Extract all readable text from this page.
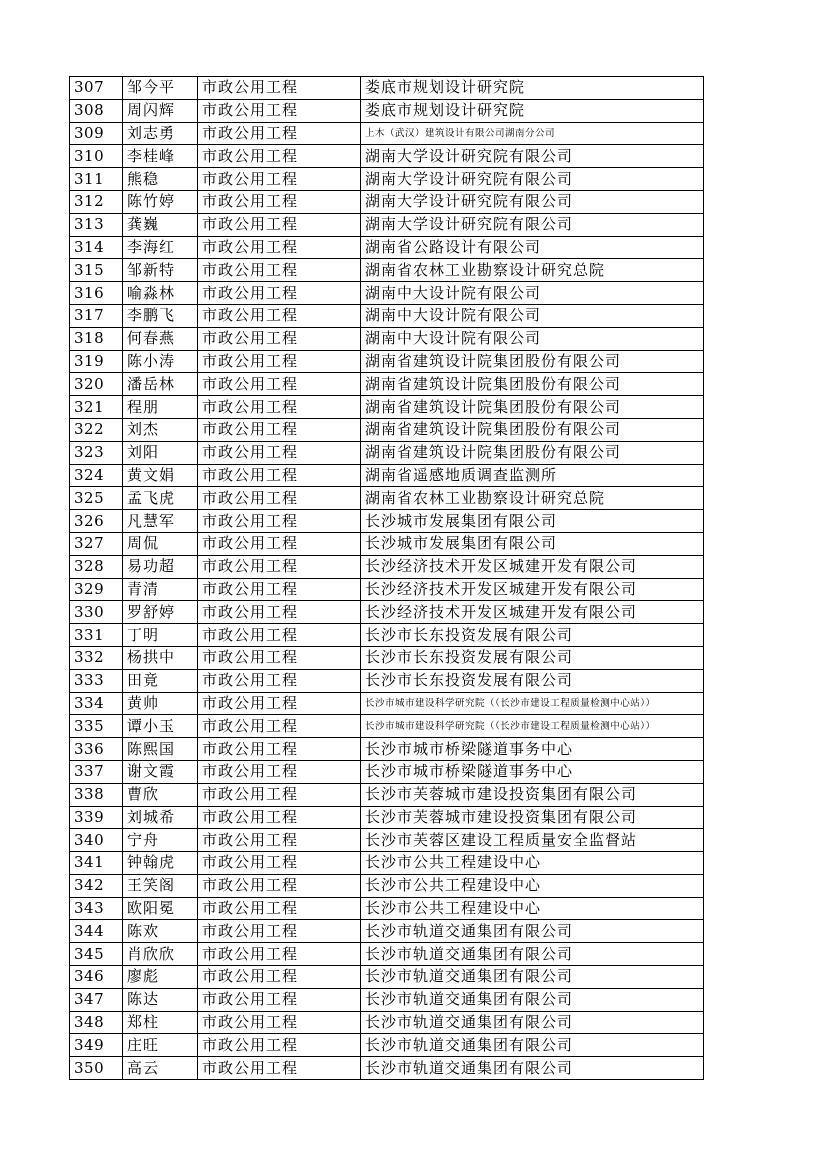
307	邹今平	市政公用工程	娄底市规划设计研究院
308	周闪辉	市政公用工程	娄底市规划设计研究院
309	刘志勇	市政公用工程	上木（武汉）建筑设计有限公司湖南分公司
310	李桂峰	市政公用工程	湖南大学设计研究院有限公司
311	熊稳	市政公用工程	湖南大学设计研究院有限公司
312	陈竹婷	市政公用工程	湖南大学设计研究院有限公司
313	龚巍	市政公用工程	湖南大学设计研究院有限公司
314	李海红	市政公用工程	湖南省公路设计有限公司
315	邹新特	市政公用工程	湖南省农林工业勘察设计研究总院
316	喻淼林	市政公用工程	湖南中大设计院有限公司
317	李鹏飞	市政公用工程	湖南中大设计院有限公司
318	何春燕	市政公用工程	湖南中大设计院有限公司
319	陈小涛	市政公用工程	湖南省建筑设计院集团股份有限公司
320	潘岳林	市政公用工程	湖南省建筑设计院集团股份有限公司
321	程朋	市政公用工程	湖南省建筑设计院集团股份有限公司
322	刘杰	市政公用工程	湖南省建筑设计院集团股份有限公司
323	刘阳	市政公用工程	湖南省建筑设计院集团股份有限公司
324	黄文娟	市政公用工程	湖南省遥感地质调查监测所
325	孟飞虎	市政公用工程	湖南省农林工业勘察设计研究总院
326	凡慧军	市政公用工程	长沙城市发展集团有限公司
327	周侃	市政公用工程	长沙城市发展集团有限公司
328	易功超	市政公用工程	长沙经济技术开发区城建开发有限公司
329	青清	市政公用工程	长沙经济技术开发区城建开发有限公司
330	罗舒婷	市政公用工程	长沙经济技术开发区城建开发有限公司
331	丁明	市政公用工程	长沙市长东投资发展有限公司
332	杨拱中	市政公用工程	长沙市长东投资发展有限公司
333	田竟	市政公用工程	长沙市长东投资发展有限公司
334	黄帅	市政公用工程	长沙市城市建设科学研究院（（长沙市建设工程质量检测中心站））
335	谭小玉	市政公用工程	长沙市城市建设科学研究院（（长沙市建设工程质量检测中心站））
336	陈熙国	市政公用工程	长沙市城市桥梁隧道事务中心
337	谢文霞	市政公用工程	长沙市城市桥梁隧道事务中心
338	曹欣	市政公用工程	长沙市芙蓉城市建设投资集团有限公司
339	刘城希	市政公用工程	长沙市芙蓉城市建设投资集团有限公司
340	宁舟	市政公用工程	长沙市芙蓉区建设工程质量安全监督站
341	钟翰虎	市政公用工程	长沙市公共工程建设中心
342	王笑阁	市政公用工程	长沙市公共工程建设中心
343	欧阳冕	市政公用工程	长沙市公共工程建设中心
344	陈欢	市政公用工程	长沙市轨道交通集团有限公司
345	肖欣欣	市政公用工程	长沙市轨道交通集团有限公司
346	廖彪	市政公用工程	长沙市轨道交通集团有限公司
347	陈达	市政公用工程	长沙市轨道交通集团有限公司
348	郑柱	市政公用工程	长沙市轨道交通集团有限公司
349	庄旺	市政公用工程	长沙市轨道交通集团有限公司
350	高云	市政公用工程	长沙市轨道交通集团有限公司
